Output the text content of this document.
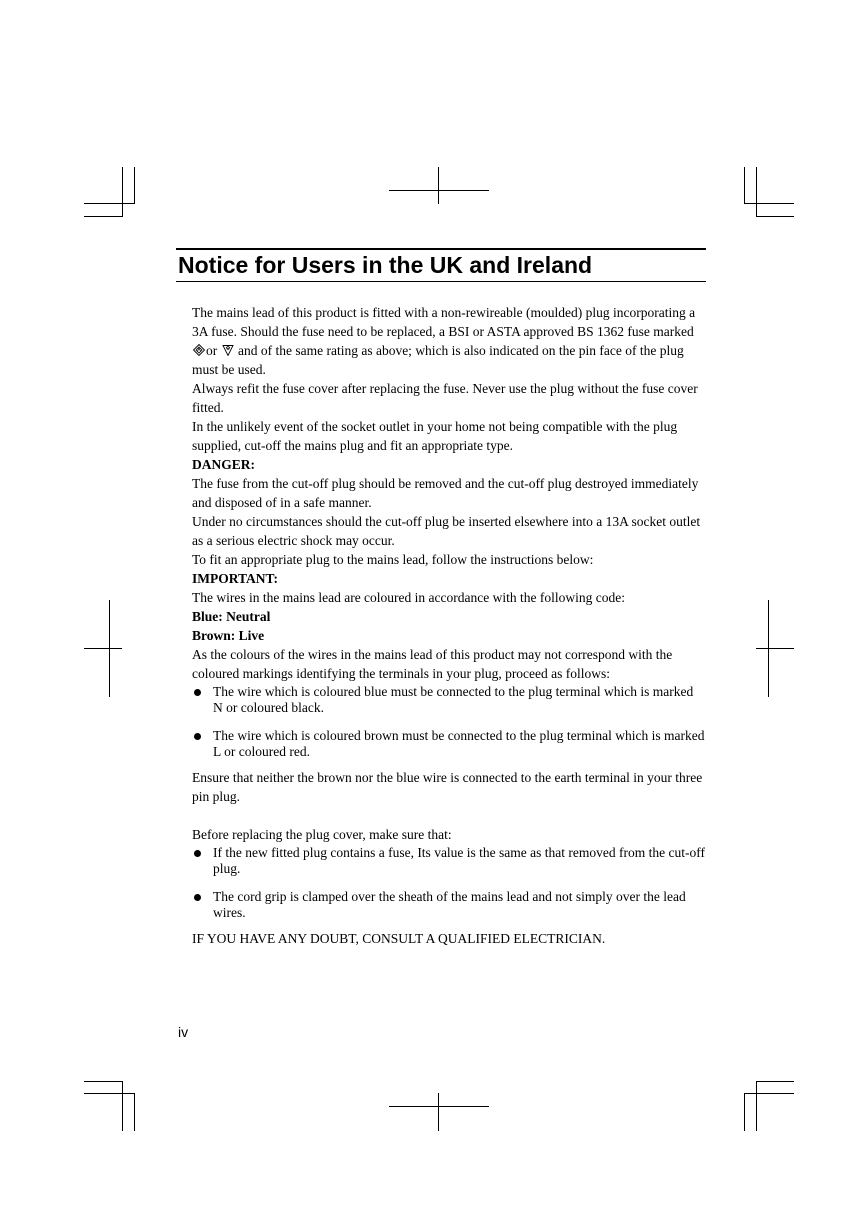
Notice for Users in the UK and Ireland

The mains lead of this product is fitted with a non-rewireable (moulded) plug incorporating a 3A fuse. Should the fuse need to be replaced, a BSI or ASTA approved BS 1362 fuse marked or and of the same rating as above; which is also indicated on the pin face of the plug must be used.

Always refit the fuse cover after replacing the fuse. Never use the plug without the fuse cover fitted.

In the unlikely event of the socket outlet in your home not being compatible with the plug supplied, cut-off the mains plug and fit an appropriate type.

DANGER:

The fuse from the cut-off plug should be removed and the cut-off plug destroyed immediately and disposed of in a safe manner.

Under no circumstances should the cut-off plug be inserted elsewhere into a 13A socket outlet as a serious electric shock may occur.

To fit an appropriate plug to the mains lead, follow the instructions below:

IMPORTANT:

The wires in the mains lead are coloured in accordance with the following code:

Blue: Neutral

Brown: Live

As the colours of the wires in the mains lead of this product may not correspond with the coloured markings identifying the terminals in your plug, proceed as follows:

The wire which is coloured blue must be connected to the plug terminal which is marked N or coloured black.
The wire which is coloured brown must be connected to the plug terminal which is marked L or coloured red.

Ensure that neither the brown nor the blue wire is connected to the earth terminal in your three pin plug.

Before replacing the plug cover, make sure that:

If the new fitted plug contains a fuse, Its value is the same as that removed from the cut-off plug.
The cord grip is clamped over the sheath of the mains lead and not simply over the lead wires.

IF YOU HAVE ANY DOUBT, CONSULT A QUALIFIED ELECTRICIAN.

iv
